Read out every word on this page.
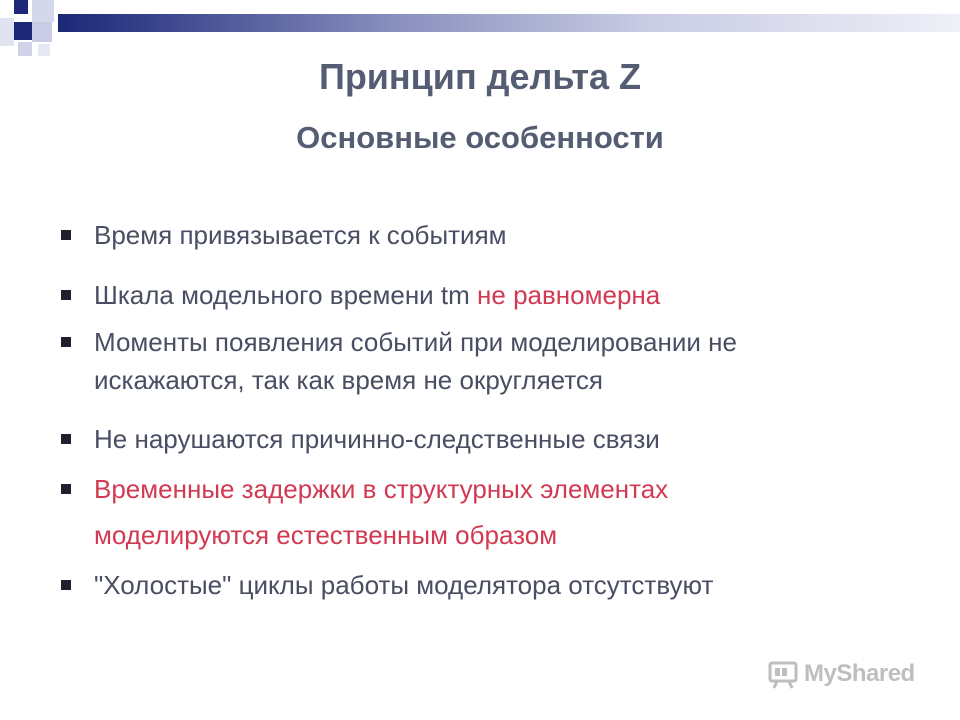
Принцип дельта Z
Основные особенности
Время привязывается к событиям
Шкала модельного времени tm не равномерна
Моменты появления событий при моделировании не
искажаются, так как время не округляется
Не нарушаются причинно-следственные связи
Временные задержки в структурных элементах
моделируются естественным образом
"Холостые" циклы работы моделятора отсутствуют
MyShared
